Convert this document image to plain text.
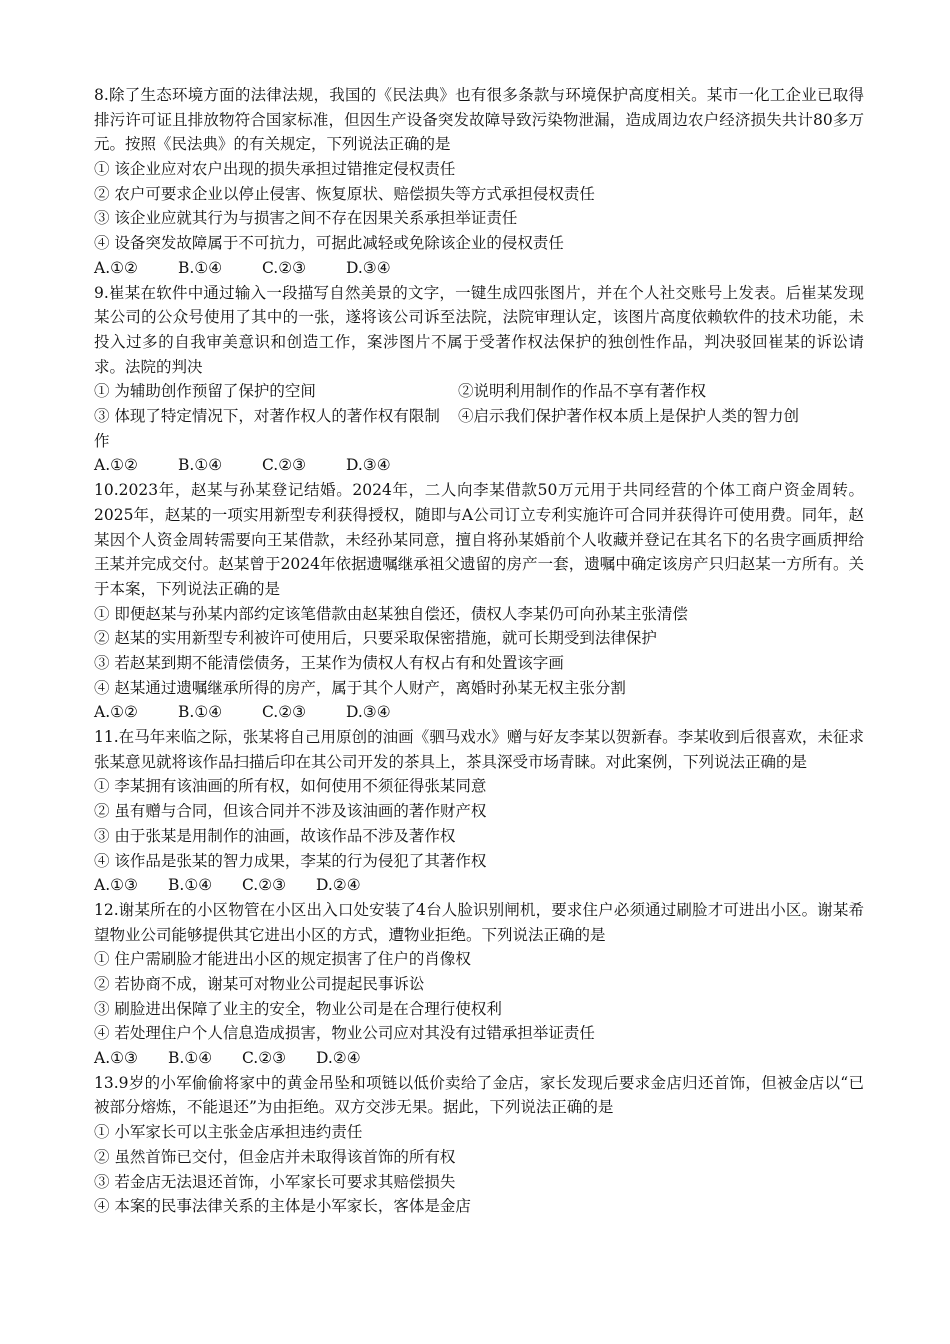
8.除了生态环境方面的法律法规，我国的《民法典》也有很多条款与环境保护高度相关。某市一化工企业已取得排污许可证且排放物符合国家标准，但因生产设备突发故障导致污染物泄漏，造成周边农户经济损失共计80多万元。按照《民法典》的有关规定，下列说法正确的是
① 该企业应对农户出现的损失承担过错推定侵权责任
② 农户可要求企业以停止侵害、恢复原状、赔偿损失等方式承担侵权责任
③ 该企业应就其行为与损害之间不存在因果关系承担举证责任
④ 设备突发故障属于不可抗力，可据此减轻或免除该企业的侵权责任
A.①②	B.①④	C.②③	D.③④
9.崔某在软件中通过输入一段描写自然美景的文字，一键生成四张图片，并在个人社交账号上发表。后崔某发现某公司的公众号使用了其中的一张，遂将该公司诉至法院，法院审理认定，该图片高度依赖软件的技术功能，未投入过多的自我审美意识和创造工作，案涉图片不属于受著作权法保护的独创性作品，判决驳回崔某的诉讼请求。法院的判决
① 为辅助创作预留了保护的空间	②说明利用制作的作品不享有著作权
③ 体现了特定情况下，对著作权人的著作权有限制	④启示我们保护著作权本质上是保护人类的智力创
作
A.①②	B.①④	C.②③	D.③④
10.2023年，赵某与孙某登记结婚。2024年，二人向李某借款50万元用于共同经营的个体工商户资金周转。2025年，赵某的一项实用新型专利获得授权，随即与A公司订立专利实施许可合同并获得许可使用费。同年，赵某因个人资金周转需要向王某借款，未经孙某同意，擅自将孙某婚前个人收藏并登记在其名下的名贵字画质押给王某并完成交付。赵某曾于2024年依据遗嘱继承祖父遗留的房产一套，遗嘱中确定该房产只归赵某一方所有。关于本案，下列说法正确的是
① 即便赵某与孙某内部约定该笔借款由赵某独自偿还，债权人李某仍可向孙某主张清偿
② 赵某的实用新型专利被许可使用后，只要采取保密措施，就可长期受到法律保护
③ 若赵某到期不能清偿债务，王某作为债权人有权占有和处置该字画
④ 赵某通过遗嘱继承所得的房产，属于其个人财产，离婚时孙某无权主张分割
A.①②	B.①④	C.②③	D.③④
11.在马年来临之际，张某将自己用原创的油画《驷马戏水》赠与好友李某以贺新春。李某收到后很喜欢，未征求张某意见就将该作品扫描后印在其公司开发的茶具上，茶具深受市场青睐。对此案例，下列说法正确的是
① 李某拥有该油画的所有权，如何使用不须征得张某同意
② 虽有赠与合同，但该合同并不涉及该油画的著作财产权
③ 由于张某是用制作的油画，故该作品不涉及著作权
④ 该作品是张某的智力成果，李某的行为侵犯了其著作权
A.①③	B.①④	C.②③	D.②④
12.谢某所在的小区物管在小区出入口处安装了4台人脸识别闸机，要求住户必须通过刷脸才可进出小区。谢某希望物业公司能够提供其它进出小区的方式，遭物业拒绝。下列说法正确的是
① 住户需刷脸才能进出小区的规定损害了住户的肖像权
② 若协商不成，谢某可对物业公司提起民事诉讼
③ 刷脸进出保障了业主的安全，物业公司是在合理行使权利
④ 若处理住户个人信息造成损害，物业公司应对其没有过错承担举证责任
A.①③	B.①④	C.②③	D.②④
13.9岁的小军偷偷将家中的黄金吊坠和项链以低价卖给了金店，家长发现后要求金店归还首饰，但被金店以“已被部分熔炼，不能退还”为由拒绝。双方交涉无果。据此，下列说法正确的是
① 小军家长可以主张金店承担违约责任
② 虽然首饰已交付，但金店并未取得该首饰的所有权
③ 若金店无法退还首饰，小军家长可要求其赔偿损失
④ 本案的民事法律关系的主体是小军家长，客体是金店
